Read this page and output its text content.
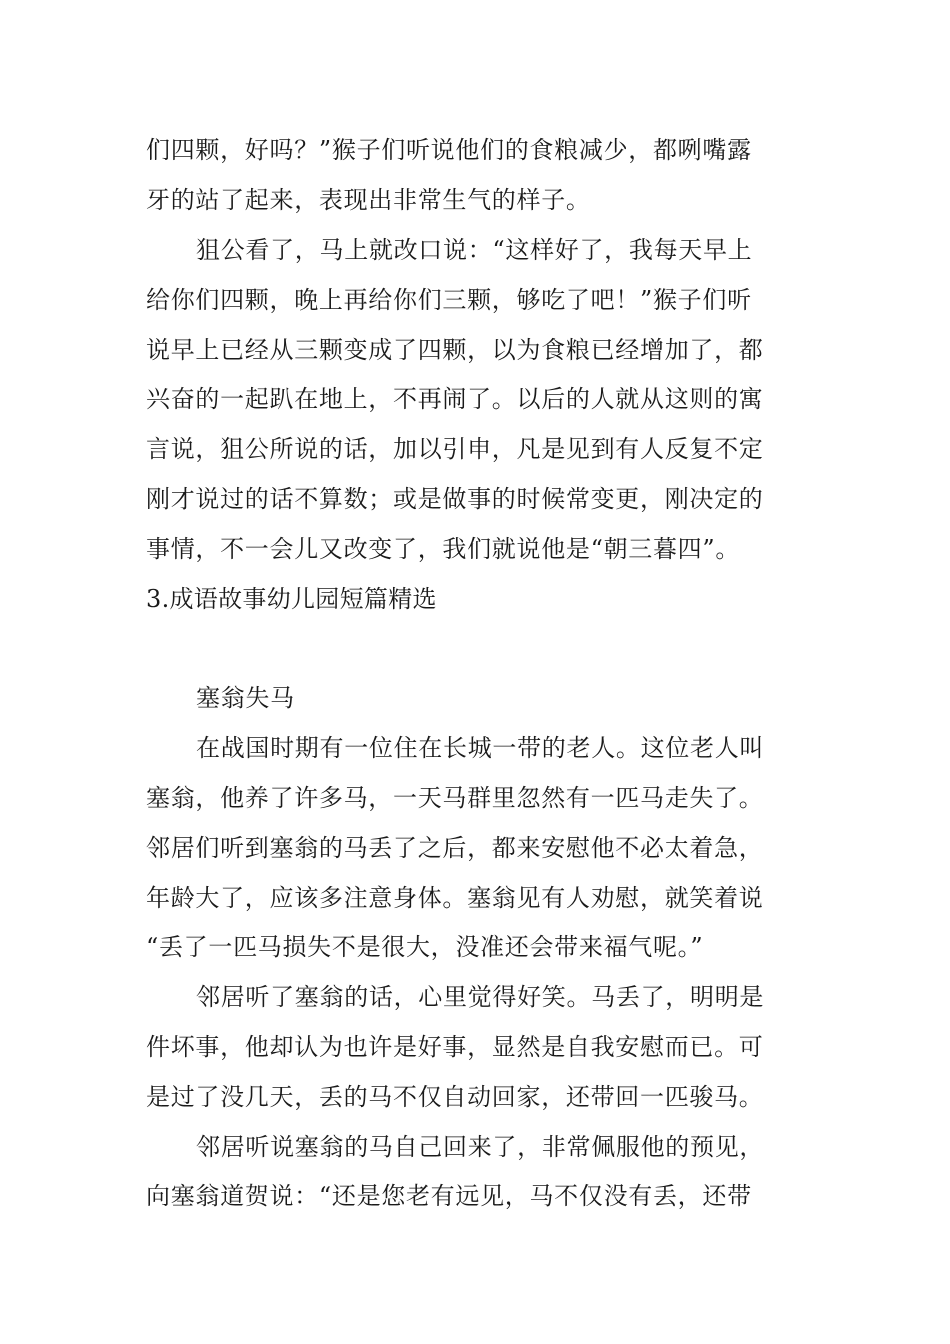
们四颗，好吗？”猴子们听说他们的食粮减少，都咧嘴露
牙的站了起来，表现出非常生气的样子。
狙公看了，马上就改口说：“这样好了，我每天早上
给你们四颗，晚上再给你们三颗，够吃了吧！”猴子们听
说早上已经从三颗变成了四颗，以为食粮已经增加了，都
兴奋的一起趴在地上，不再闹了。以后的人就从这则的寓
言说，狙公所说的话，加以引申，凡是见到有人反复不定
刚才说过的话不算数；或是做事的时候常变更，刚决定的
事情，不一会儿又改变了，我们就说他是“朝三暮四”。
3.成语故事幼儿园短篇精选
塞翁失马
在战国时期有一位住在长城一带的老人。这位老人叫
塞翁，他养了许多马，一天马群里忽然有一匹马走失了。
邻居们听到塞翁的马丢了之后，都来安慰他不必太着急，
年龄大了，应该多注意身体。塞翁见有人劝慰，就笑着说
“丢了一匹马损失不是很大，没准还会带来福气呢。”
邻居听了塞翁的话，心里觉得好笑。马丢了，明明是
件坏事，他却认为也许是好事，显然是自我安慰而已。可
是过了没几天，丢的马不仅自动回家，还带回一匹骏马。
邻居听说塞翁的马自己回来了，非常佩服他的预见，
向塞翁道贺说：“还是您老有远见，马不仅没有丢，还带
